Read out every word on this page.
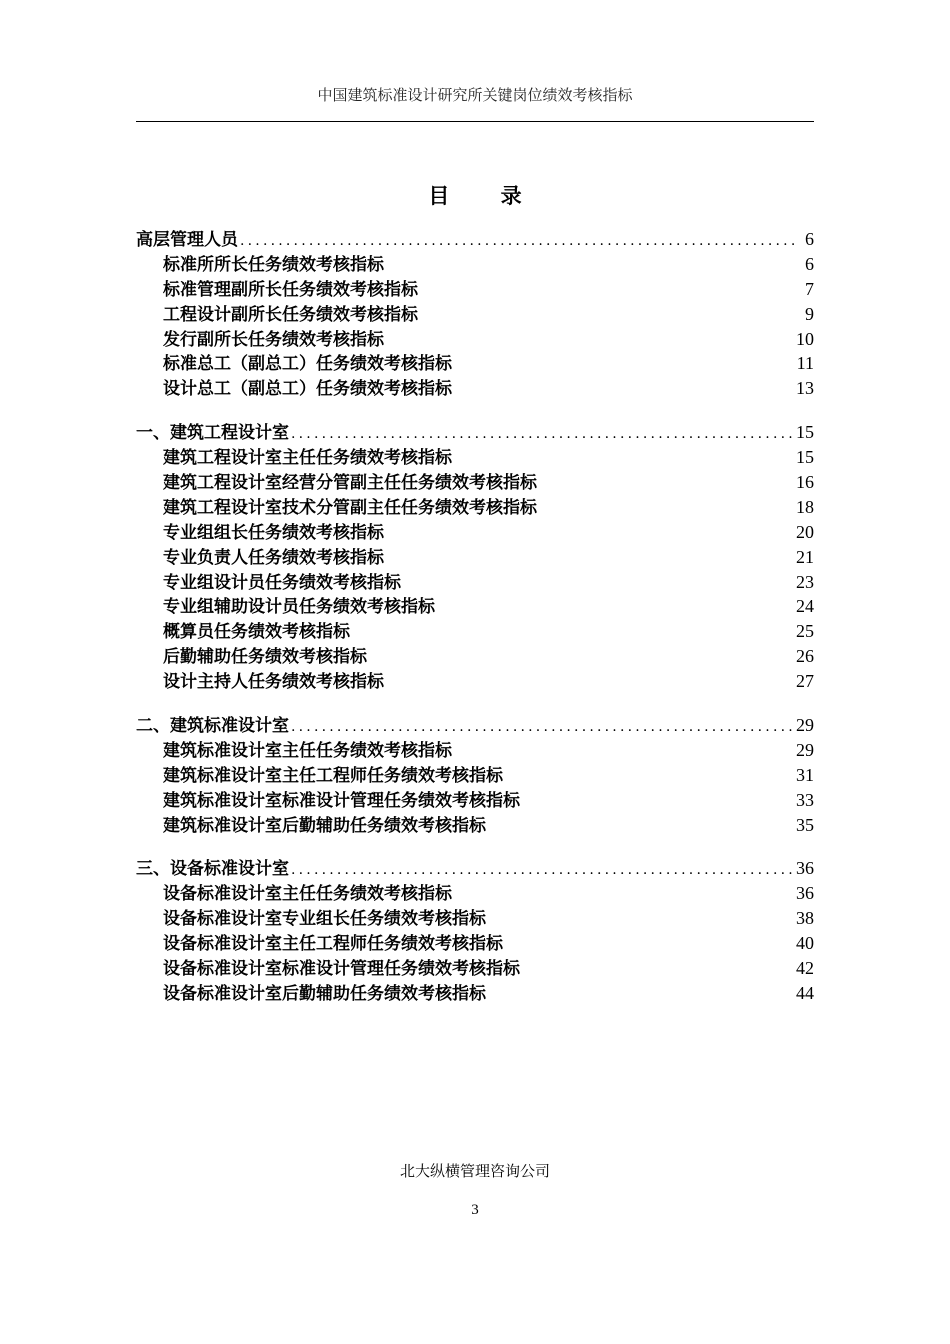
中国建筑标准设计研究所关键岗位绩效考核指标
目 录
高层管理人员 .....	6
标准所所长任务绩效考核指标	6
标准管理副所长任务绩效考核指标	7
工程设计副所长任务绩效考核指标	9
发行副所长任务绩效考核指标	10
标准总工（副总工）任务绩效考核指标	11
设计总工（副总工）任务绩效考核指标	13
一、建筑工程设计室 .....	15
建筑工程设计室主任任务绩效考核指标	15
建筑工程设计室经营分管副主任任务绩效考核指标	16
建筑工程设计室技术分管副主任任务绩效考核指标	18
专业组组长任务绩效考核指标	20
专业负责人任务绩效考核指标	21
专业组设计员任务绩效考核指标	23
专业组辅助设计员任务绩效考核指标	24
概算员任务绩效考核指标	25
后勤辅助任务绩效考核指标	26
设计主持人任务绩效考核指标	27
二、建筑标准设计室 .....	29
建筑标准设计室主任任务绩效考核指标	29
建筑标准设计室主任工程师任务绩效考核指标	31
建筑标准设计室标准设计管理任务绩效考核指标	33
建筑标准设计室后勤辅助任务绩效考核指标	35
三、设备标准设计室 .....	36
设备标准设计室主任任务绩效考核指标	36
设备标准设计室专业组长任务绩效考核指标	38
设备标准设计室主任工程师任务绩效考核指标	40
设备标准设计室标准设计管理任务绩效考核指标	42
设备标准设计室后勤辅助任务绩效考核指标	44
北大纵横管理咨询公司
3
